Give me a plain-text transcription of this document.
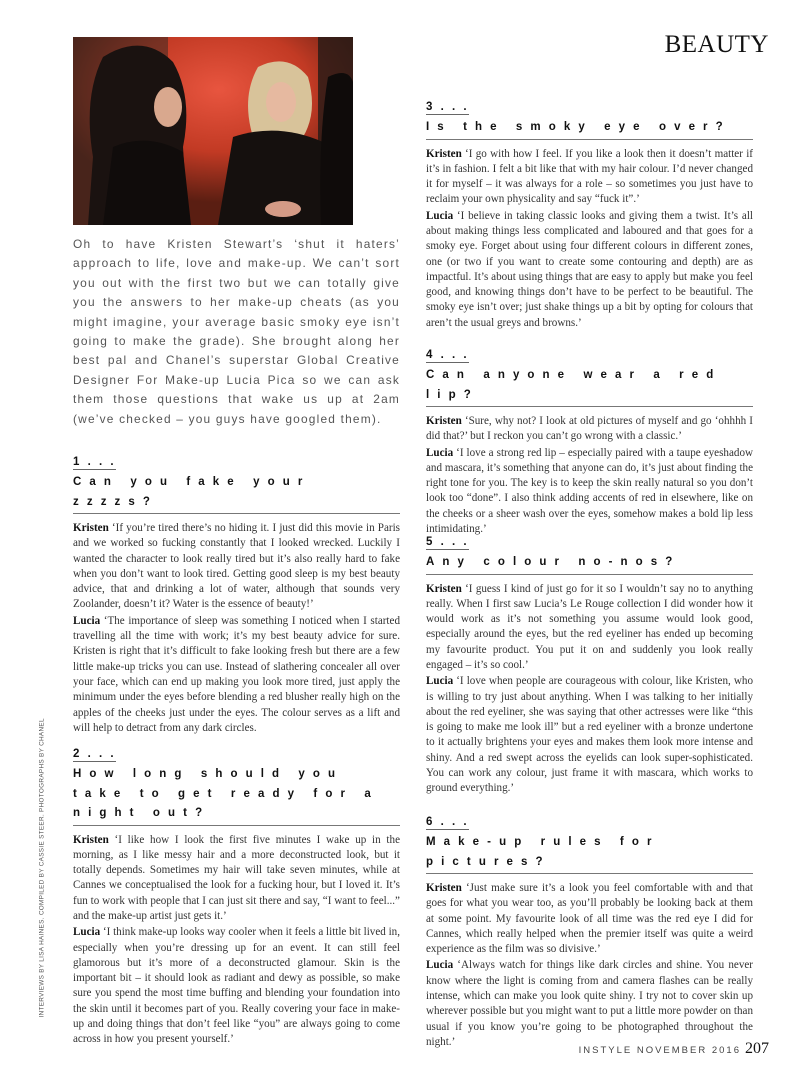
BEAUTY
Oh to have Kristen Stewart’s ‘shut it haters’ approach to life, love and make-up. We can’t sort you out with the first two but we can totally give you the answers to her make-up cheats (as you might imagine, your average basic smoky eye isn’t going to make the grade). She brought along her best pal and Chanel’s superstar Global Creative Designer For Make-up Lucia Pica so we can ask them those questions that wake us up at 2am (we’ve checked – you guys have googled them).
1 . . .
Can you fake your zzzzs?

Kristen ‘If you’re tired there’s no hiding it. I just did this movie in Paris and we worked so fucking constantly that I looked wrecked. Luckily I wanted the character to look really tired but it’s also really hard to fake when you don’t want to look tired. Getting good sleep is my best beauty advice, that and drinking a lot of water, although that sounds very Zoolander, doesn’t it? Water is the essence of beauty!’

Lucia ‘The importance of sleep was something I noticed when I started travelling all the time with work; it’s my best beauty advice for sure. Kristen is right that it’s difficult to fake looking fresh but there are a few little make-up tricks you can use. Instead of slathering concealer all over your face, which can end up making you look more tired, just apply the minimum under the eyes before blending a red blusher really high on the apples of the cheeks just under the eyes. The colour serves as a lift and will help to detract from any dark circles.

2 . . .
How long should you take to get ready for a night out?

Kristen ‘I like how I look the first five minutes I wake up in the morning, as I like messy hair and a more deconstructed look, but it totally depends. Sometimes my hair will take seven minutes, while at Cannes we conceptualised the look for a fucking hour, but I loved it. It’s fun to work with people that I can just sit there and say, “I want to feel...” and the make-up artist just gets it.’

Lucia ‘I think make-up looks way cooler when it feels a little bit lived in, especially when you’re dressing up for an event. It can still feel glamorous but it’s more of a deconstructed glamour. Skin is the important bit – it should look as radiant and dewy as possible, so make sure you spend the most time buffing and blending your foundation into the skin until it becomes part of you. Really covering your face in make-up and doing things that don’t feel like “you” are always going to come across in how you present yourself.’

3 . . .
Is the smoky eye over?

Kristen ‘I go with how I feel. If you like a look then it doesn’t matter if it’s in fashion. I felt a bit like that with my hair colour. I’d never changed it for myself – it was always for a role – so sometimes you just have to reclaim your own physicality and say “fuck it”.’

Lucia ‘I believe in taking classic looks and giving them a twist. It’s all about making things less complicated and laboured and that goes for a smoky eye. Forget about using four different colours in different zones, one (or two if you want to create some contouring and depth) are as impactful. It’s about using things that are easy to apply but make you feel good, and knowing things don’t have to be perfect to be beautiful. The smoky eye isn’t over; just shake things up a bit by opting for colours that aren’t the usual greys and browns.’

4 . . .
Can anyone wear a red lip?

Kristen ‘Sure, why not? I look at old pictures of myself and go ‘ohhhh I did that?’ but I reckon you can’t go wrong with a classic.’

Lucia ‘I love a strong red lip – especially paired with a taupe eyeshadow and mascara, it’s something that anyone can do, it’s just about finding the right tone for you. The key is to keep the skin really natural so you don’t look too “done”. I also think adding accents of red in elsewhere, like on the cheeks or a sheer wash over the eyes, somehow makes a bold lip less intimidating.’

5 . . .
Any colour no-nos?

Kristen ‘I guess I kind of just go for it so I wouldn’t say no to anything really. When I first saw Lucia’s Le Rouge collection I did wonder how it would work as it’s not something you assume would look good, especially around the eyes, but the red eyeliner has ended up becoming my favourite product. You put it on and suddenly you look really engaged – it’s so cool.’

Lucia ‘I love when people are courageous with colour, like Kristen, who is willing to try just about anything. When I was talking to her initially about the red eyeliner, she was saying that other actresses were like “this is going to make me look ill” but a red eyeliner with a bronze undertone to it actually brightens your eyes and makes them look more intense and shiny. And a red swept across the eyelids can look super-sophisticated. You can work any colour, just frame it with mascara, which works to ground everything.’

6 . . .
Make-up rules for pictures?

Kristen ‘Just make sure it’s a look you feel comfortable with and that goes for what you wear too, as you’ll probably be looking back at them at some point. My favourite look of all time was the red eye I did for Cannes, which really helped when the premier itself was quite a weird experience as the film was so divisive.’

Lucia ‘Always watch for things like dark circles and shine. You never know where the light is coming from and camera flashes can be really intense, which can make you look quite shiny. I try not to cover skin up wherever possible but you might want to put a little more powder on than usual if you know you’re going to be photographed throughout the night.’

INTERVIEWS BY LISA HAINES. COMPILED BY CASSIE STEER. PHOTOGRAPHS BY CHANEL
INSTYLE NOVEMBER 2016 207
